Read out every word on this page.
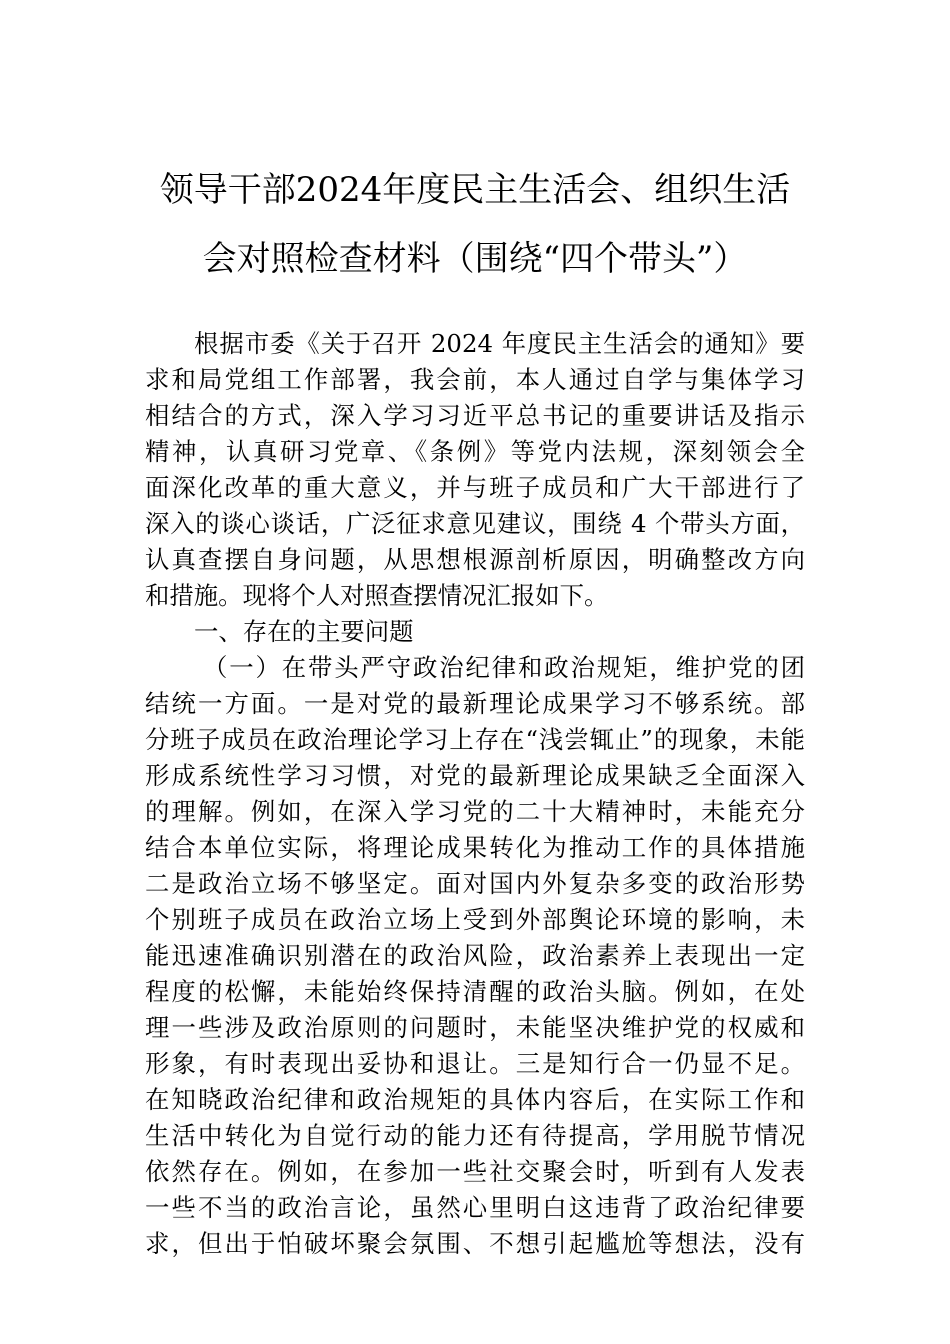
领导干部2024年度民主生活会、组织生活
会对照检查材料（围绕“四个带头”）
根据市委《关于召开 2024 年度民主生活会的通知》要
求和局党组工作部署，我会前，本人通过自学与集体学习
相结合的方式，深入学习习近平总书记的重要讲话及指示
精神，认真研习党章、《条例》等党内法规，深刻领会全
面深化改革的重大意义，并与班子成员和广大干部进行了
深入的谈心谈话，广泛征求意见建议，围绕 4 个带头方面，
认真查摆自身问题，从思想根源剖析原因，明确整改方向
和措施。现将个人对照查摆情况汇报如下。
一、存在的主要问题
（一）在带头严守政治纪律和政治规矩，维护党的团
结统一方面。一是对党的最新理论成果学习不够系统。部
分班子成员在政治理论学习上存在“浅尝辄止”的现象，未能
形成系统性学习习惯，对党的最新理论成果缺乏全面深入
的理解。例如，在深入学习党的二十大精神时，未能充分
结合本单位实际，将理论成果转化为推动工作的具体措施
二是政治立场不够坚定。面对国内外复杂多变的政治形势
个别班子成员在政治立场上受到外部舆论环境的影响，未
能迅速准确识别潜在的政治风险，政治素养上表现出一定
程度的松懈，未能始终保持清醒的政治头脑。例如，在处
理一些涉及政治原则的问题时，未能坚决维护党的权威和
形象，有时表现出妥协和退让。三是知行合一仍显不足。
在知晓政治纪律和政治规矩的具体内容后，在实际工作和
生活中转化为自觉行动的能力还有待提高，学用脱节情况
依然存在。例如，在参加一些社交聚会时，听到有人发表
一些不当的政治言论，虽然心里明白这违背了政治纪律要
求，但出于怕破坏聚会氛围、不想引起尴尬等想法，没有
